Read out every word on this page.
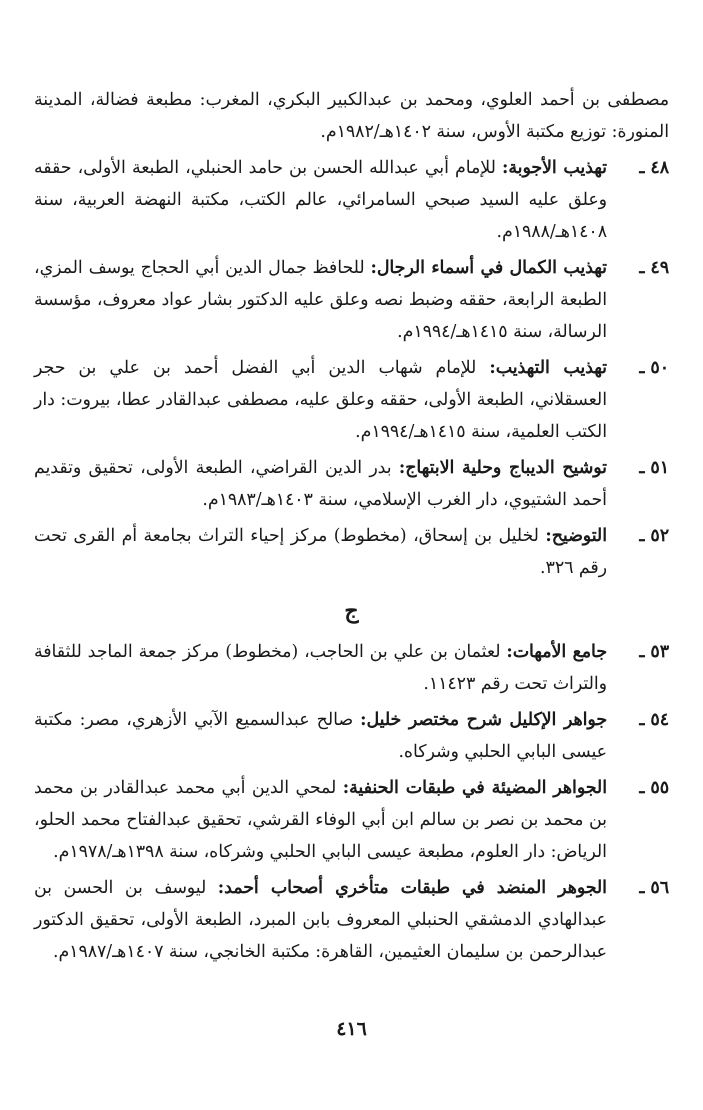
مصطفى بن أحمد العلوي، ومحمد بن عبدالكبير البكري، المغرب: مطبعة فضالة، المدينة المنورة: توزيع مكتبة الأوس، سنة ١٤٠٢هـ/١٩٨٢م.

٤٨ ـ
تهذيب الأجوبة: للإمام أبي عبدالله الحسن بن حامد الحنبلي، الطبعة الأولى، حققه وعلق عليه السيد صبحي السامرائي، عالم الكتب، مكتبة النهضة العربية، سنة ١٤٠٨هـ/١٩٨٨م.
٤٩ ـ
تهذيب الكمال في أسماء الرجال: للحافظ جمال الدين أبي الحجاج يوسف المزي، الطبعة الرابعة، حققه وضبط نصه وعلق عليه الدكتور بشار عواد معروف، مؤسسة الرسالة، سنة ١٤١٥هـ/١٩٩٤م.
٥٠ ـ
تهذيب التهذيب: للإمام شهاب الدين أبي الفضل أحمد بن علي بن حجر العسقلاني، الطبعة الأولى، حققه وعلق عليه، مصطفى عبدالقادر عطا، بيروت: دار الكتب العلمية، سنة ١٤١٥هـ/١٩٩٤م.
٥١ ـ
توشيح الديباج وحلية الابتهاج: بدر الدين القراضي، الطبعة الأولى، تحقيق وتقديم أحمد الشتيوي، دار الغرب الإسلامي، سنة ١٤٠٣هـ/١٩٨٣م.
٥٢ ـ
التوضيح: لخليل بن إسحاق، (مخطوط) مركز إحياء التراث بجامعة أم القرى تحت رقم ٣٢٦.
ج
٥٣ ـ
جامع الأمهات: لعثمان بن علي بن الحاجب، (مخطوط) مركز جمعة الماجد للثقافة والتراث تحت رقم ١١٤٢٣.
٥٤ ـ
جواهر الإكليل شرح مختصر خليل: صالح عبدالسميع الآبي الأزهري، مصر: مكتبة عيسى البابي الحلبي وشركاه.
٥٥ ـ
الجواهر المضيئة في طبقات الحنفية: لمحي الدين أبي محمد عبدالقادر بن محمد بن محمد بن نصر بن سالم ابن أبي الوفاء القرشي، تحقيق عبدالفتاح محمد الحلو، الرياض: دار العلوم، مطبعة عيسى البابي الحلبي وشركاه، سنة ١٣٩٨هـ/١٩٧٨م.
٥٦ ـ
الجوهر المنضد في طبقات متأخري أصحاب أحمد: ليوسف بن الحسن بن عبدالهادي الدمشقي الحنبلي المعروف بابن المبرد، الطبعة الأولى، تحقيق الدكتور عبدالرحمن بن سليمان العثيمين، القاهرة: مكتبة الخانجي، سنة ١٤٠٧هـ/١٩٨٧م.
٤١٦
